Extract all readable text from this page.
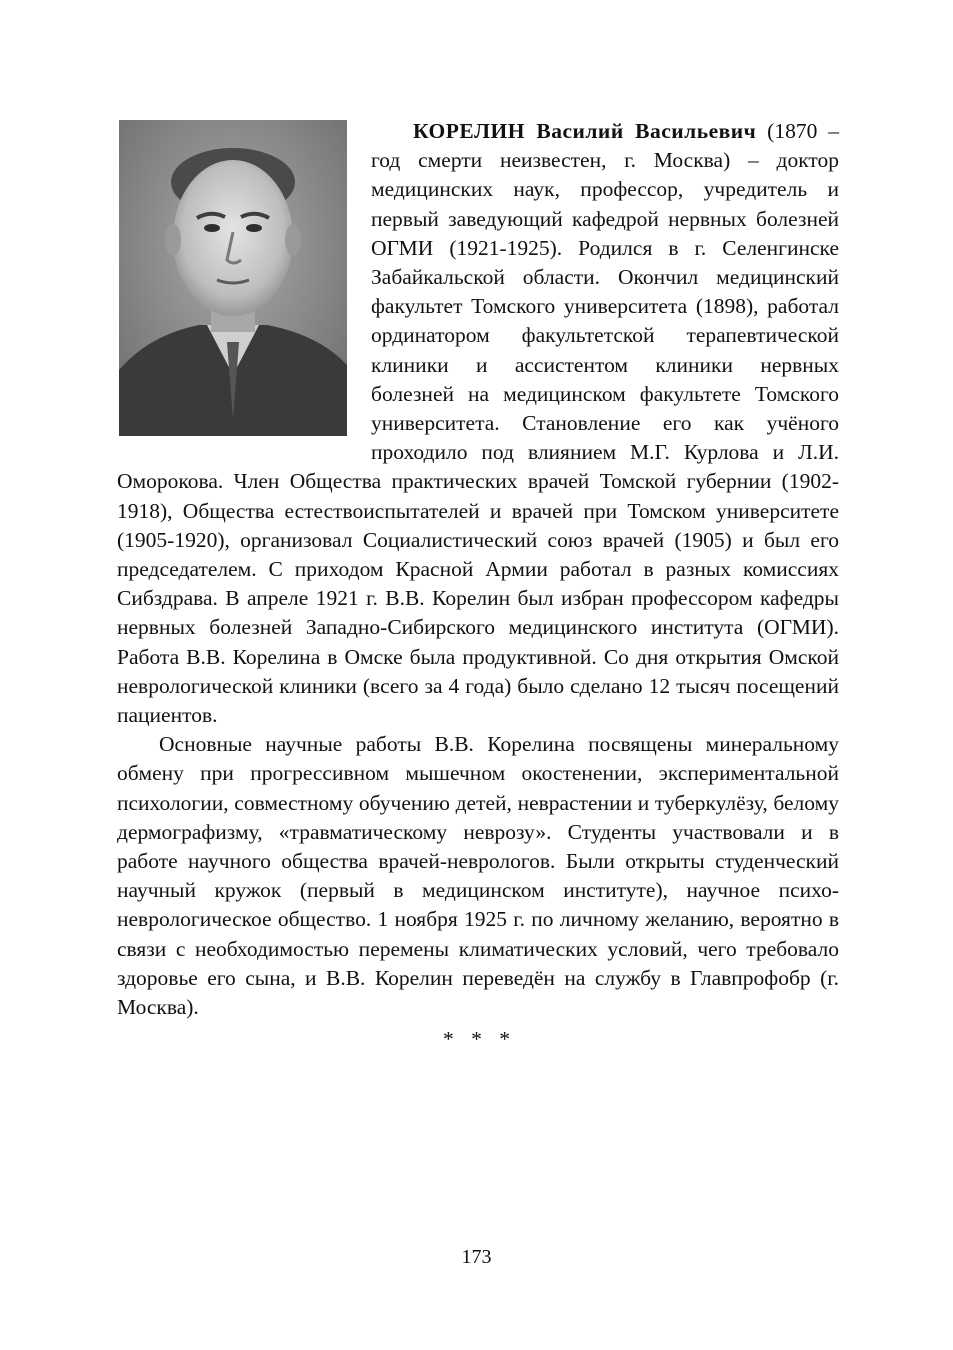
КОРЕЛИН Василий Васильевич (1870 – год смерти неизвестен, г. Москва) – доктор медицинских наук, профессор, учредитель и первый заведующий кафедрой нервных болезней ОГМИ (1921-1925). Родился в г. Селенгинске Забайкальской области. Окончил медицинский факультет Томского университета (1898), работал ординатором факультетской терапевтической клиники и ассистентом клиники нервных болезней на медицинском факультете Томского университета. Становление его как учёного проходило под влиянием М.Г. Курлова и Л.И. Оморокова. Член Общества практических врачей Томской губернии (1902-1918), Общества естествоиспытателей и врачей при Томском университете (1905-1920), организовал Социалистический союз врачей (1905) и был его председателем. С приходом Красной Армии работал в разных комиссиях Сибздрава. В апреле 1921 г. В.В. Корелин был избран профессором кафедры нервных болезней Западно-Сибирского медицинского института (ОГМИ). Работа В.В. Корелина в Омске была продуктивной. Со дня открытия Омской неврологической клиники (всего за 4 года) было сделано 12 тысяч посещений пациентов.

Основные научные работы В.В. Корелина посвящены минеральному обмену при прогрессивном мышечном окостенении, экспериментальной психологии, совместному обучению детей, неврастении и туберкулёзу, белому дермографизму, «травматическому неврозу». Студенты участвовали и в работе научного общества врачей-неврологов. Были открыты студенческий научный кружок (первый в медицинском институте), научное психоневрологическое общество. 1 ноября 1925 г. по личному желанию, вероятно в связи с необходимостью перемены климатических условий, чего требовало здоровье его сына, и В.В. Корелин переведён на службу в Главпрофобр (г. Москва).

* * *

173
